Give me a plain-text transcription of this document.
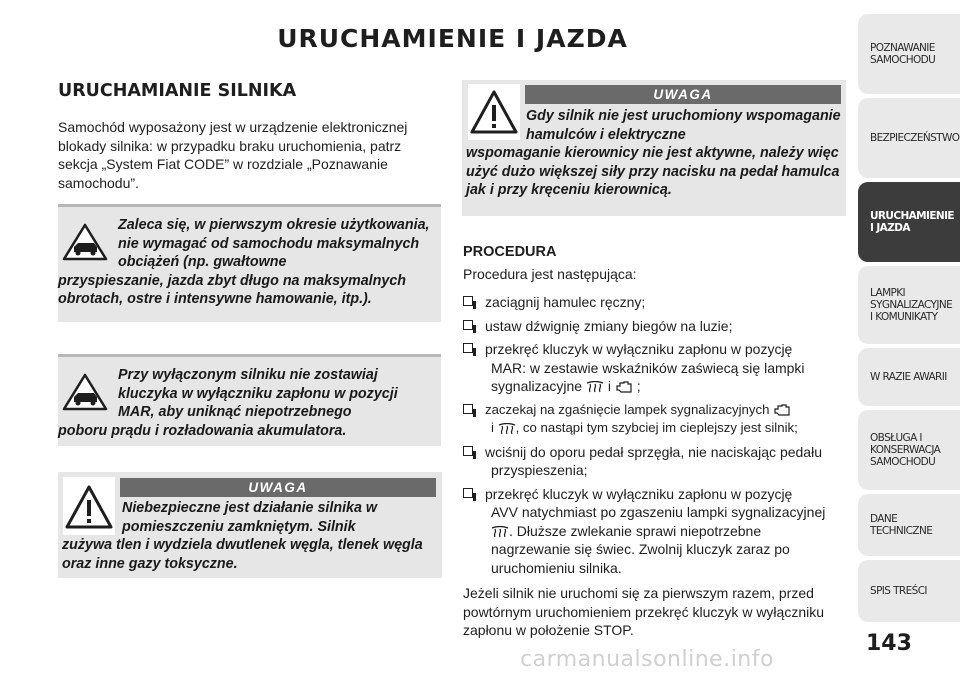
URUCHAMIENIE I JAZDA
URUCHAMIANIE SILNIKA
Samochód wyposażony jest w urządzenie elektronicznej blokady silnika: w przypadku braku uruchomienia, patrz sekcja „System Fiat CODE” w rozdziale „Poznawanie samochodu”.
Zaleca się, w pierwszym okresie użytkowania, nie wymagać od samochodu maksymalnych obciążeń (np. gwałtowne
przyspieszanie, jazda zbyt długo na maksymalnych obrotach, ostre i intensywne hamowanie, itp.).
Przy wyłączonym silniku nie zostawiaj kluczyka w wyłączniku zapłonu w pozycji MAR, aby uniknąć niepotrzebnego
poboru prądu i rozładowania akumulatora.
UWAGA
Niebezpieczne jest działanie silnika w pomieszczeniu zamkniętym. Silnik
zużywa tlen i wydziela dwutlenek węgla, tlenek węgla oraz inne gazy toksyczne.
UWAGA
Gdy silnik nie jest uruchomiony wspomaganie hamulców i elektryczne
wspomaganie kierownicy nie jest aktywne, należy więc użyć dużo większej siły przy nacisku na pedał hamulca jak i przy kręceniu kierownicą.
PROCEDURA
Procedura jest następująca:
zaciągnij hamulec ręczny;
ustaw dźwignię zmiany biegów na luzie;
przekręć kluczyk w wyłączniku zapłonu w pozycję
MAR: w zestawie wskaźników zaświecą się lampki
sygnalizacyjne i ;
zaczekaj na zgaśnięcie lampek sygnalizacyjnych
i , co nastąpi tym szybciej im cieplejszy jest silnik;
wciśnij do oporu pedał sprzęgła, nie naciskając pedału
przyspieszenia;
przekręć kluczyk w wyłączniku zapłonu w pozycję
AVV natychmiast po zgaszeniu lampki sygnalizacyjnej
. Dłuższe zwlekanie sprawi niepotrzebne
nagrzewanie się świec. Zwolnij kluczyk zaraz po
uruchomieniu silnika.
Jeżeli silnik nie uruchomi się za pierwszym razem, przed powtórnym uruchomieniem przekręć kluczyk w wyłączniku zapłonu w położenie STOP.
POZNAWANIE
SAMOCHODU
BEZPIECZEŃSTWO
URUCHAMIENIE
I JAZDA
LAMPKI
SYGNALIZACYJNE
I KOMUNIKATY
W RAZIE AWARII
OBSŁUGA I
KONSERWACJA
SAMOCHODU
DANE TECHNICZNE
SPIS TREŚCI
143
carmanualsonline.info
